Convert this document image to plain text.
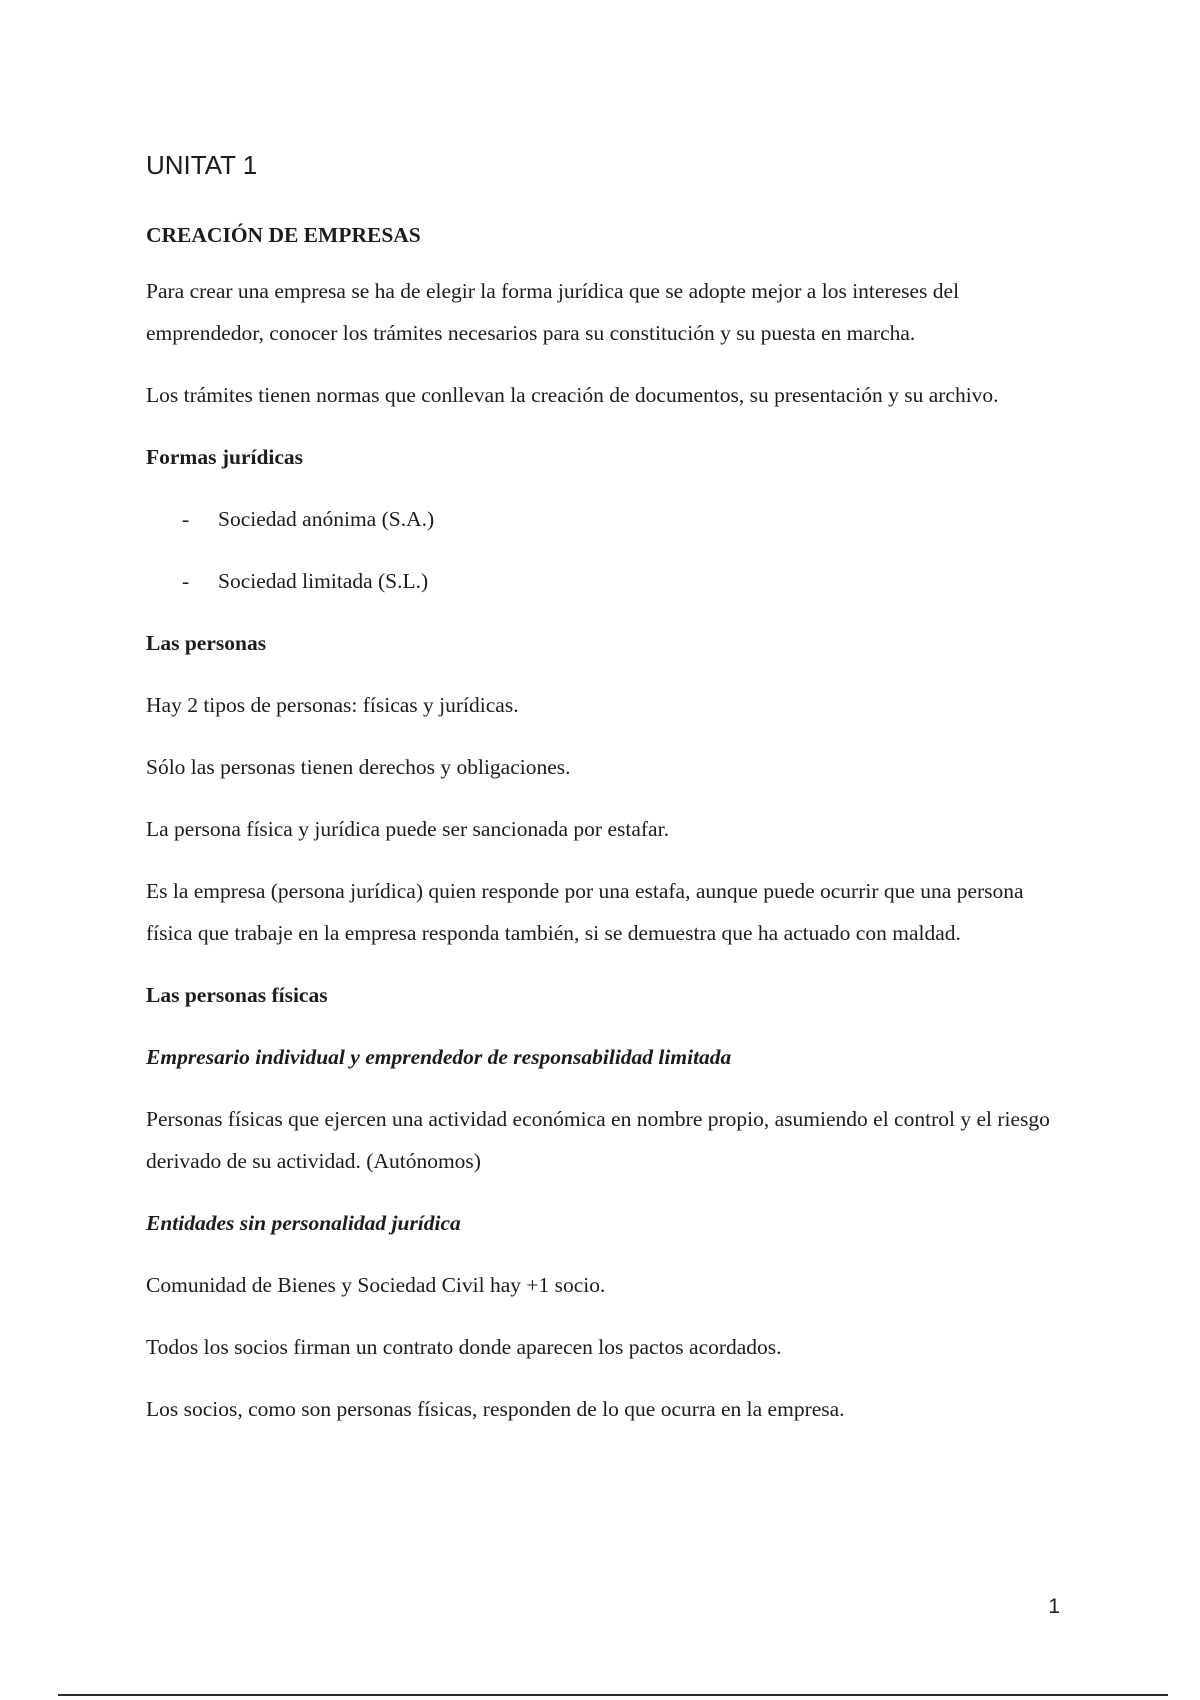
UNITAT 1
CREACIÓN DE EMPRESAS

Para crear una empresa se ha de elegir la forma jurídica que se adopte mejor a los intereses del emprendedor, conocer los trámites necesarios para su constitución y su puesta en marcha.

Los trámites tienen normas que conllevan la creación de documentos, su presentación y su archivo.

Formas jurídicas
- Sociedad anónima (S.A.)
- Sociedad limitada (S.L.)
Las personas

Hay 2 tipos de personas: físicas y jurídicas.

Sólo las personas tienen derechos y obligaciones.

La persona física y jurídica puede ser sancionada por estafar.

Es la empresa (persona jurídica) quien responde por una estafa, aunque puede ocurrir que una persona física que trabaje en la empresa responda también, si se demuestra que ha actuado con maldad.

Las personas físicas
Empresario individual y emprendedor de responsabilidad limitada

Personas físicas que ejercen una actividad económica en nombre propio, asumiendo el control y el riesgo derivado de su actividad. (Autónomos)

Entidades sin personalidad jurídica

Comunidad de Bienes y Sociedad Civil hay +1 socio.

Todos los socios firman un contrato donde aparecen los pactos acordados.

Los socios, como son personas físicas, responden de lo que ocurra en la empresa.

1
